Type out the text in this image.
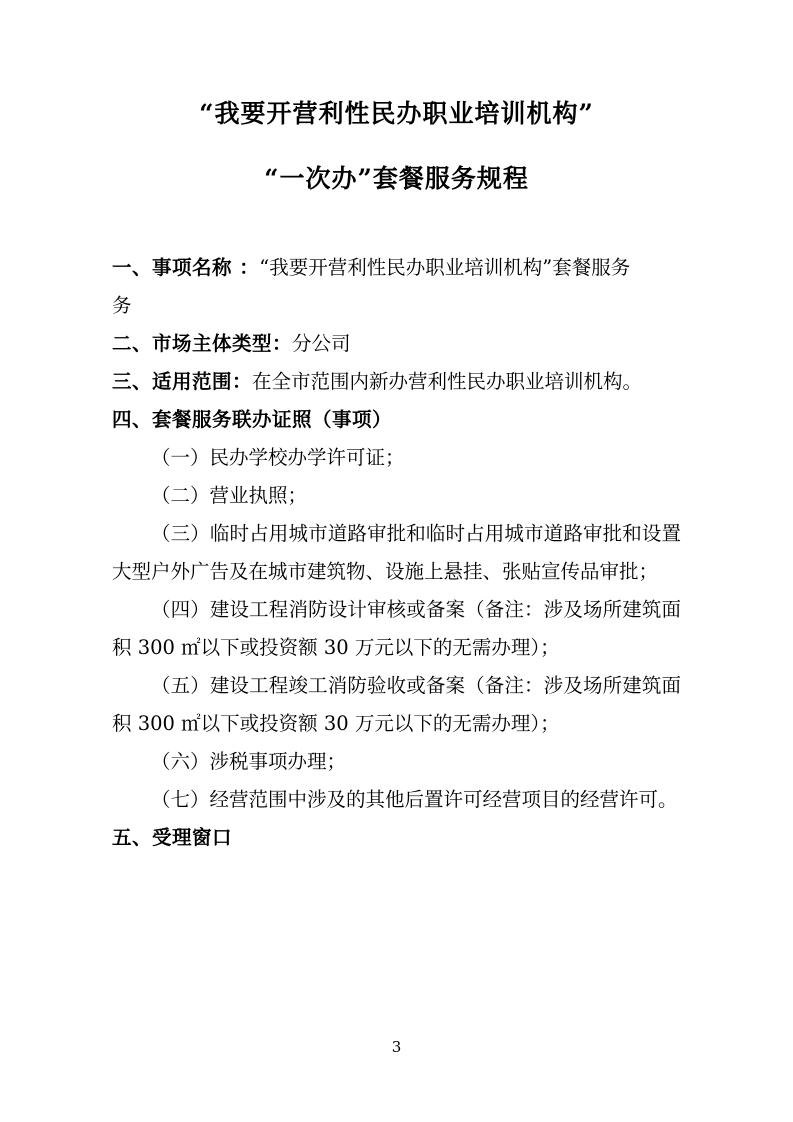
“我要开营利性民办职业培训机构”
“一次办”套餐服务规程

一、事项名称 ：“我要开营利性民办职业培训机构”套餐服务

务

二、市场主体类型：分公司

三、适用范围：在全市范围内新办营利性民办职业培训机构。

四、套餐服务联办证照（事项）

（一）民办学校办学许可证；

（二）营业执照；

（三）临时占用城市道路审批和临时占用城市道路审批和设置大型户外广告及在城市建筑物、设施上悬挂、张贴宣传品审批；

（四）建设工程消防设计审核或备案（备注：涉及场所建筑面积 300 ㎡以下或投资额 30 万元以下的无需办理）；

（五）建设工程竣工消防验收或备案（备注：涉及场所建筑面积 300 ㎡以下或投资额 30 万元以下的无需办理）；

（六）涉税事项办理；

（七）经营范围中涉及的其他后置许可经营项目的经营许可。

五、受理窗口

3
